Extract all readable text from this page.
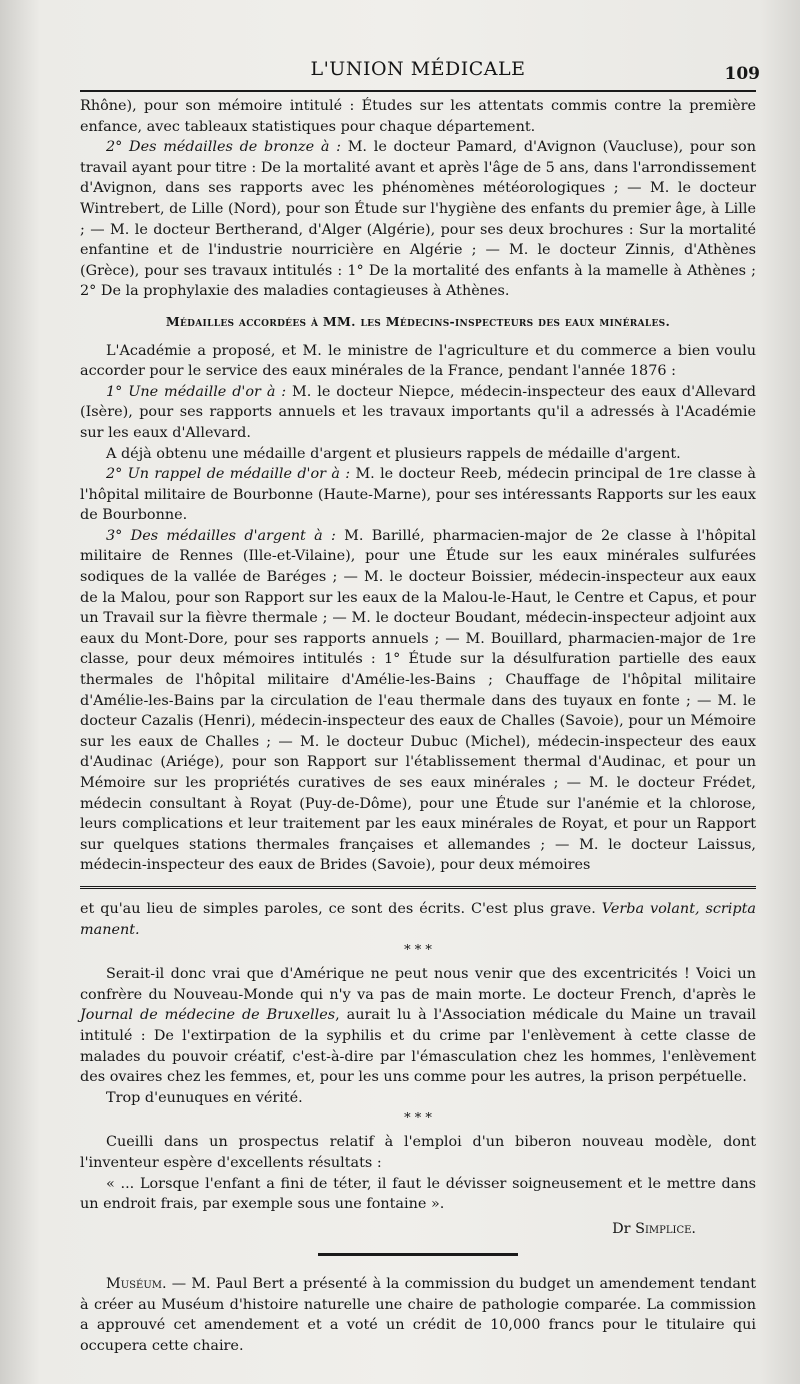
L'UNION MÉDICALE	109

Rhône), pour son mémoire intitulé : Études sur les attentats commis contre la première enfance, avec tableaux statistiques pour chaque département.

2° Des médailles de bronze à : M. le docteur Pamard, d'Avignon (Vaucluse), pour son travail ayant pour titre : De la mortalité avant et après l'âge de 5 ans, dans l'arrondissement d'Avignon, dans ses rapports avec les phénomènes météorologiques ; — M. le docteur Wintrebert, de Lille (Nord), pour son Étude sur l'hygiène des enfants du premier âge, à Lille ; — M. le docteur Bertherand, d'Alger (Algérie), pour ses deux brochures : Sur la mortalité enfantine et de l'industrie nourricière en Algérie ; — M. le docteur Zinnis, d'Athènes (Grèce), pour ses travaux intitulés : 1° De la mortalité des enfants à la mamelle à Athènes ; 2° De la prophylaxie des maladies contagieuses à Athènes.

Médailles accordées à MM. les Médecins-inspecteurs des eaux minérales.

L'Académie a proposé, et M. le ministre de l'agriculture et du commerce a bien voulu accorder pour le service des eaux minérales de la France, pendant l'année 1876 :

1° Une médaille d'or à : M. le docteur Niepce, médecin-inspecteur des eaux d'Allevard (Isère), pour ses rapports annuels et les travaux importants qu'il a adressés à l'Académie sur les eaux d'Allevard.

A déjà obtenu une médaille d'argent et plusieurs rappels de médaille d'argent.

2° Un rappel de médaille d'or à : M. le docteur Reeb, médecin principal de 1re classe à l'hôpital militaire de Bourbonne (Haute-Marne), pour ses intéressants Rapports sur les eaux de Bourbonne.

3° Des médailles d'argent à : M. Barillé, pharmacien-major de 2e classe à l'hôpital militaire de Rennes (Ille-et-Vilaine), pour une Étude sur les eaux minérales sulfurées sodiques de la vallée de Baréges ; — M. le docteur Boissier, médecin-inspecteur aux eaux de la Malou, pour son Rapport sur les eaux de la Malou-le-Haut, le Centre et Capus, et pour un Travail sur la fièvre thermale ; — M. le docteur Boudant, médecin-inspecteur adjoint aux eaux du Mont-Dore, pour ses rapports annuels ; — M. Bouillard, pharmacien-major de 1re classe, pour deux mémoires intitulés : 1° Étude sur la désulfuration partielle des eaux thermales de l'hôpital militaire d'Amélie-les-Bains ; Chauffage de l'hôpital militaire d'Amélie-les-Bains par la circulation de l'eau thermale dans des tuyaux en fonte ; — M. le docteur Cazalis (Henri), médecin-inspecteur des eaux de Challes (Savoie), pour un Mémoire sur les eaux de Challes ; — M. le docteur Dubuc (Michel), médecin-inspecteur des eaux d'Audinac (Ariége), pour son Rapport sur l'établissement thermal d'Audinac, et pour un Mémoire sur les propriétés curatives de ses eaux minérales ; — M. le docteur Frédet, médecin consultant à Royat (Puy-de-Dôme), pour une Étude sur l'anémie et la chlorose, leurs complications et leur traitement par les eaux minérales de Royat, et pour un Rapport sur quelques stations thermales françaises et allemandes ; — M. le docteur Laissus, médecin-inspecteur des eaux de Brides (Savoie), pour deux mémoires

et qu'au lieu de simples paroles, ce sont des écrits. C'est plus grave. Verba volant, scripta manent.

* * *

Serait-il donc vrai que d'Amérique ne peut nous venir que des excentricités ! Voici un confrère du Nouveau-Monde qui n'y va pas de main morte. Le docteur French, d'après le Journal de médecine de Bruxelles, aurait lu à l'Association médicale du Maine un travail intitulé : De l'extirpation de la syphilis et du crime par l'enlèvement à cette classe de malades du pouvoir créatif, c'est-à-dire par l'émasculation chez les hommes, l'enlèvement des ovaires chez les femmes, et, pour les uns comme pour les autres, la prison perpétuelle.

Trop d'eunuques en vérité.

* * *

Cueilli dans un prospectus relatif à l'emploi d'un biberon nouveau modèle, dont l'inventeur espère d'excellents résultats :

« ... Lorsque l'enfant a fini de téter, il faut le dévisser soigneusement et le mettre dans un endroit frais, par exemple sous une fontaine ».

Dr Simplice.

Muséum. — M. Paul Bert a présenté à la commission du budget un amendement tendant à créer au Muséum d'histoire naturelle une chaire de pathologie comparée. La commission a approuvé cet amendement et a voté un crédit de 10,000 francs pour le titulaire qui occupera cette chaire.
